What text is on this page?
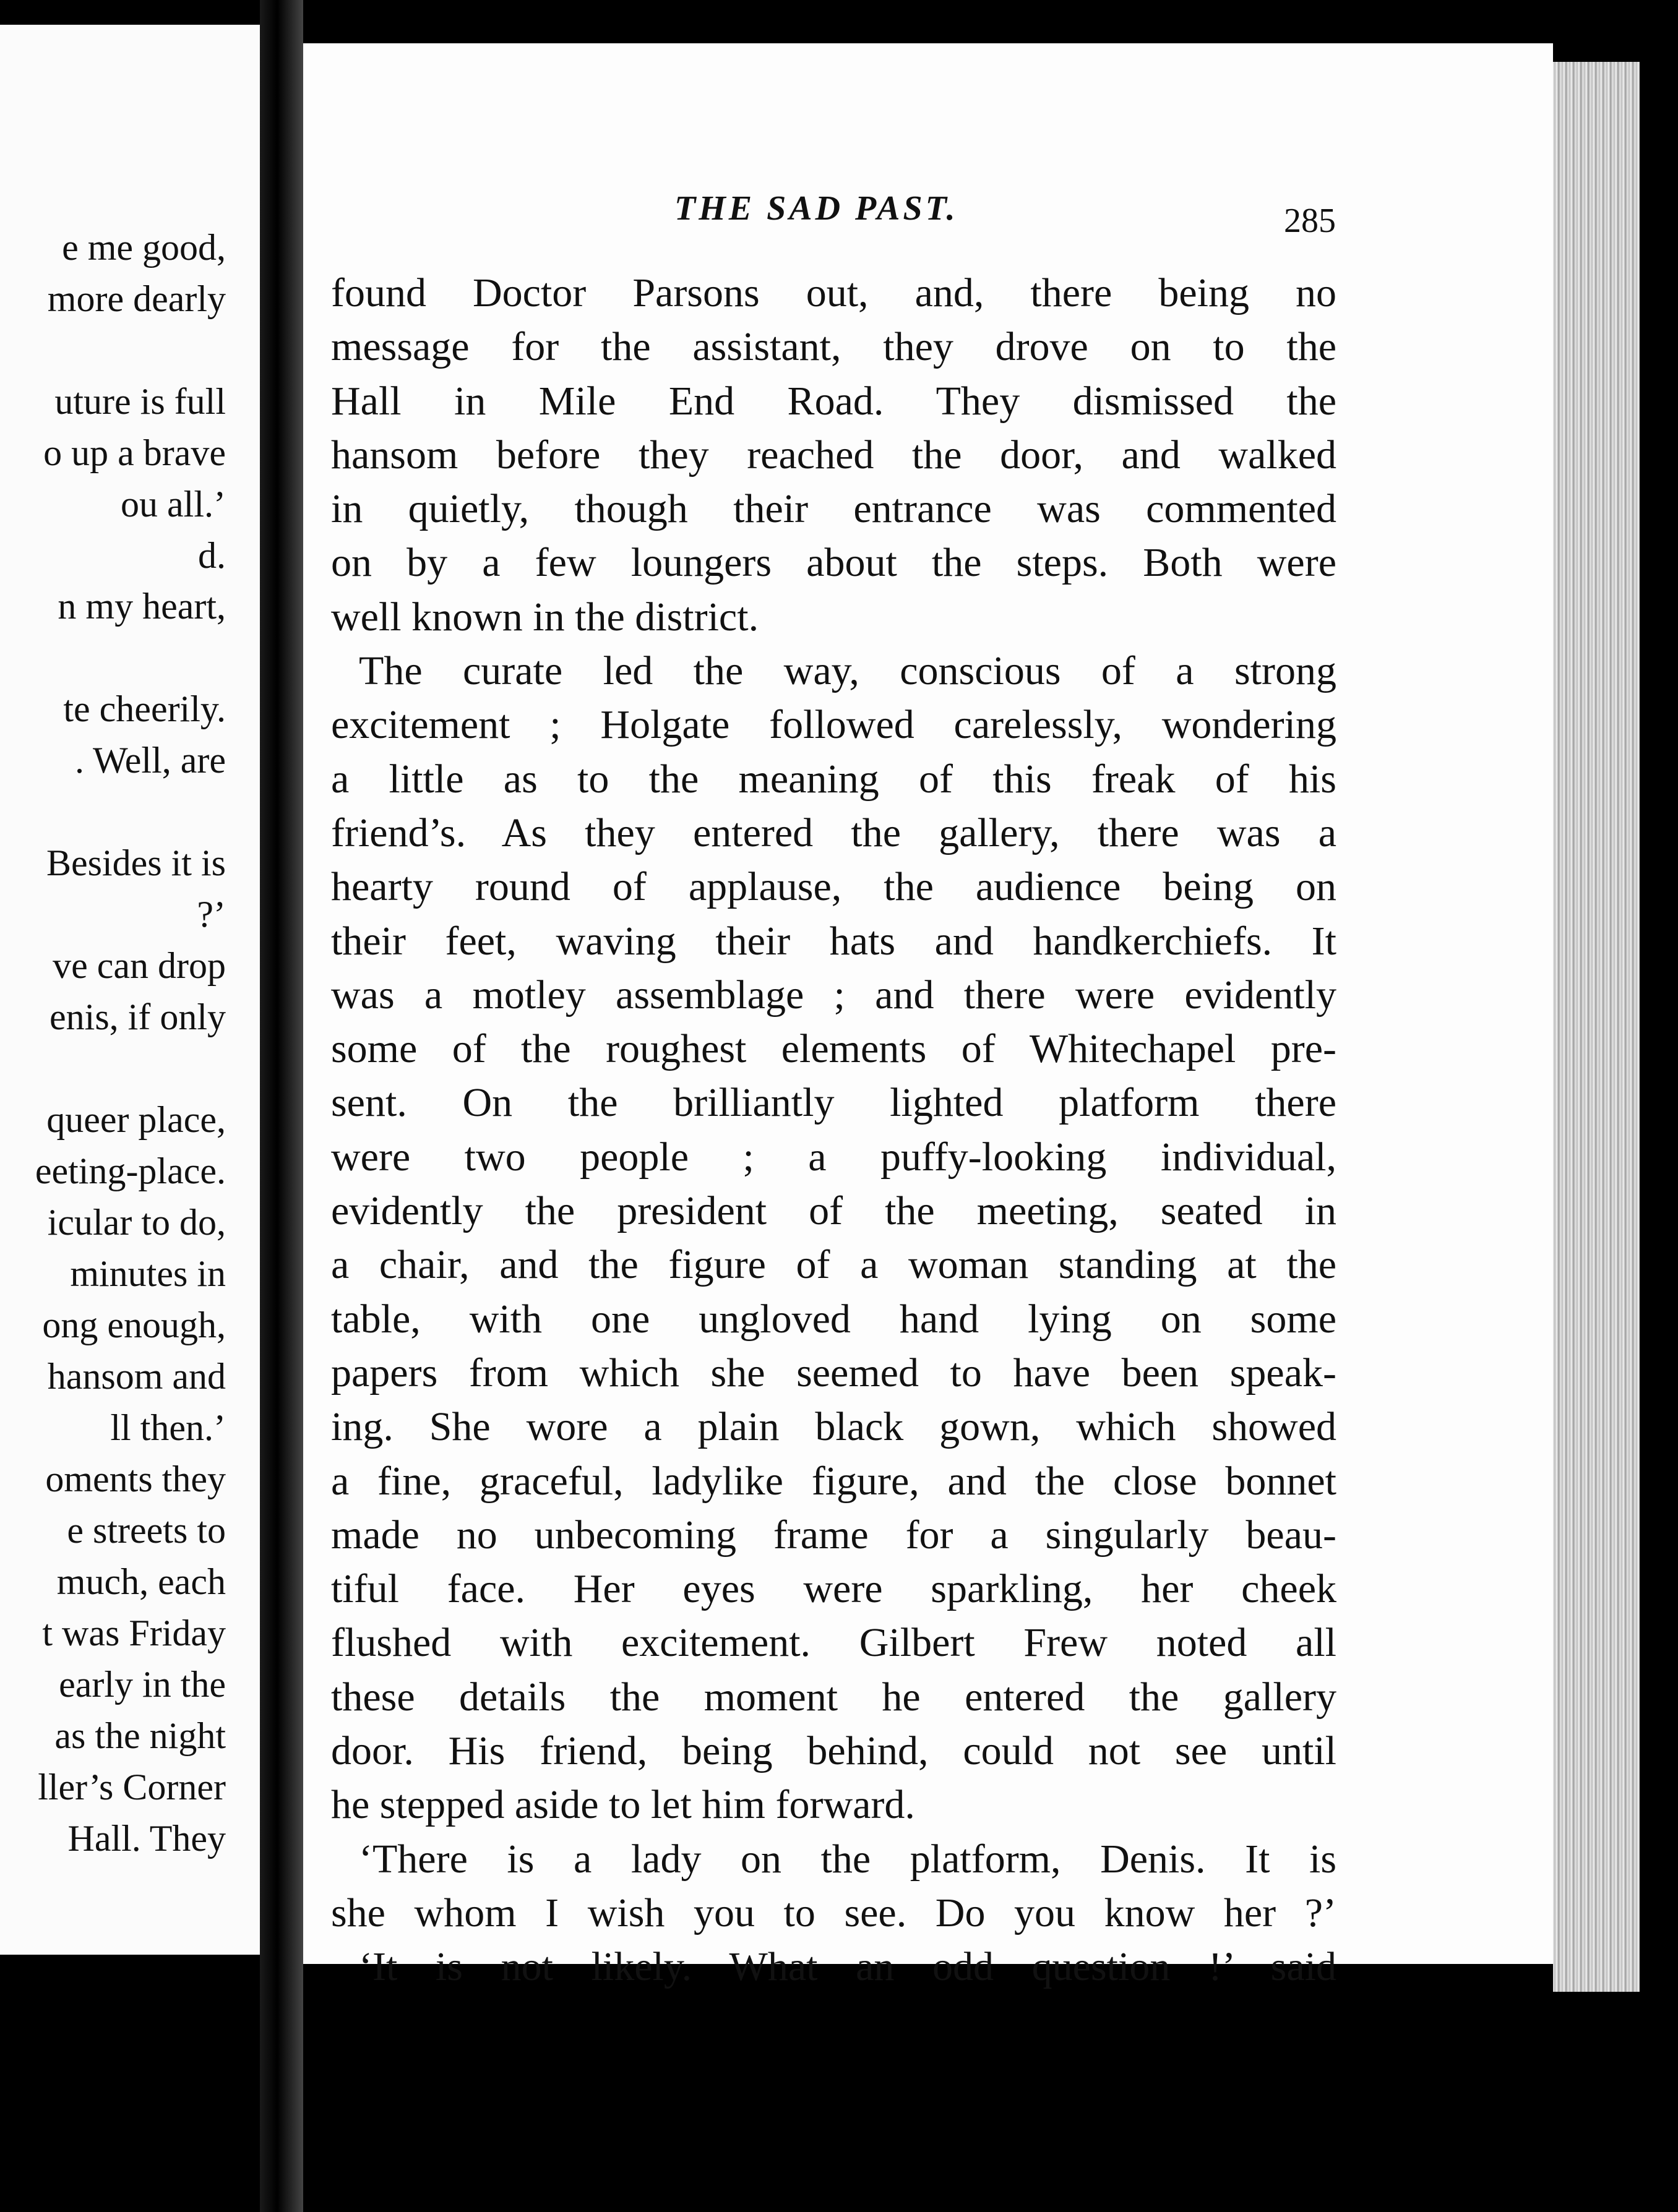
e me good,
more dearly
uture is full
o up a brave
ou all.’
d.
n my heart,
te cheerily.
. Well, are
Besides it is
?’
ve can drop
enis, if only
queer place,
eeting-place.
icular to do,
minutes in
ong enough,
hansom and
ll then.’
oments they
e streets to
much, each
t was Friday
early in the
as the night
ller’s Corner
Hall. They
THE SAD PAST.	285
found Doctor Parsons out, and, there being no
message for the assistant, they drove on to the
Hall in Mile End Road. They dismissed the
hansom before they reached the door, and walked
in quietly, though their entrance was commented
on by a few loungers about the steps. Both were
well known in the district.
The curate led the way, conscious of a strong
excitement ; Holgate followed carelessly, wondering
a little as to the meaning of this freak of his
friend’s. As they entered the gallery, there was a
hearty round of applause, the audience being on
their feet, waving their hats and handkerchiefs. It
was a motley assemblage ; and there were evidently
some of the roughest elements of Whitechapel pre-
sent. On the brilliantly lighted platform there
were two people ; a puffy-looking individual,
evidently the president of the meeting, seated in
a chair, and the figure of a woman standing at the
table, with one ungloved hand lying on some
papers from which she seemed to have been speak-
ing. She wore a plain black gown, which showed
a fine, graceful, ladylike figure, and the close bonnet
made no unbecoming frame for a singularly beau-
tiful face. Her eyes were sparkling, her cheek
flushed with excitement. Gilbert Frew noted all
these details the moment he entered the gallery
door. His friend, being behind, could not see until
he stepped aside to let him forward.
‘There is a lady on the platform, Denis. It is
she whom I wish you to see. Do you know her ?’
‘It is not likely. What an odd question !’ said
